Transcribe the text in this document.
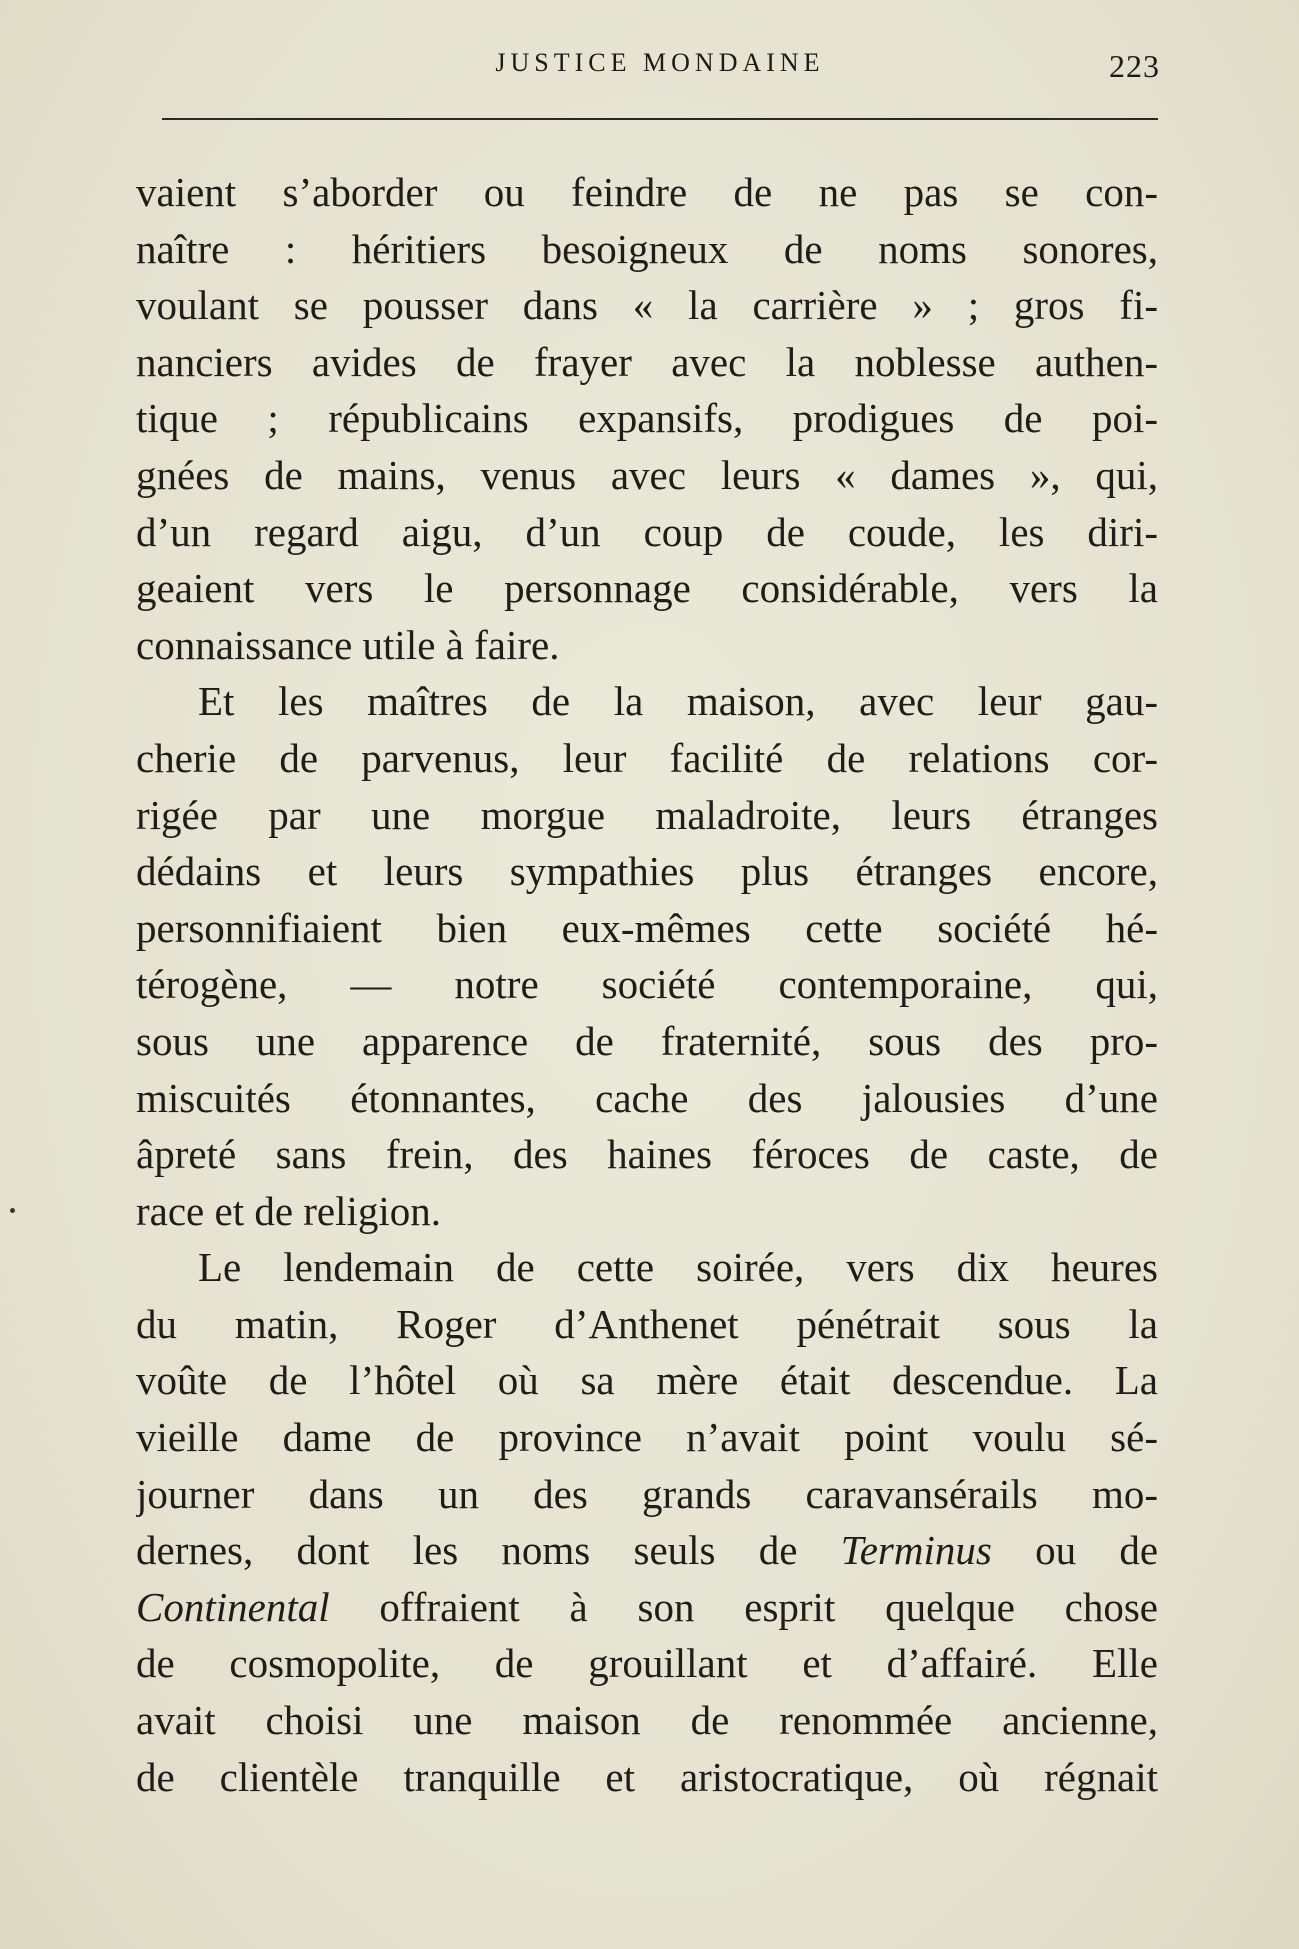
JUSTICE MONDAINE	223
vaient s’aborder ou feindre de ne pas se con-
naître : héritiers besoigneux de noms sonores,
voulant se pousser dans « la carrière » ; gros fi-
nanciers avides de frayer avec la noblesse authen-
tique ; républicains expansifs, prodigues de poi-
gnées de mains, venus avec leurs « dames », qui,
d’un regard aigu, d’un coup de coude, les diri-
geaient vers le personnage considérable, vers la
connaissance utile à faire.
Et les maîtres de la maison, avec leur gau-
cherie de parvenus, leur facilité de relations cor-
rigée par une morgue maladroite, leurs étranges
dédains et leurs sympathies plus étranges encore,
personnifiaient bien eux-mêmes cette société hé-
térogène, — notre société contemporaine, qui,
sous une apparence de fraternité, sous des pro-
miscuités étonnantes, cache des jalousies d’une
âpreté sans frein, des haines féroces de caste, de
race et de religion.
Le lendemain de cette soirée, vers dix heures
du matin, Roger d’Anthenet pénétrait sous la
voûte de l’hôtel où sa mère était descendue. La
vieille dame de province n’avait point voulu sé-
journer dans un des grands caravansérails mo-
dernes, dont les noms seuls de Terminus ou de
Continental offraient à son esprit quelque chose
de cosmopolite, de grouillant et d’affairé. Elle
avait choisi une maison de renommée ancienne,
de clientèle tranquille et aristocratique, où régnait
